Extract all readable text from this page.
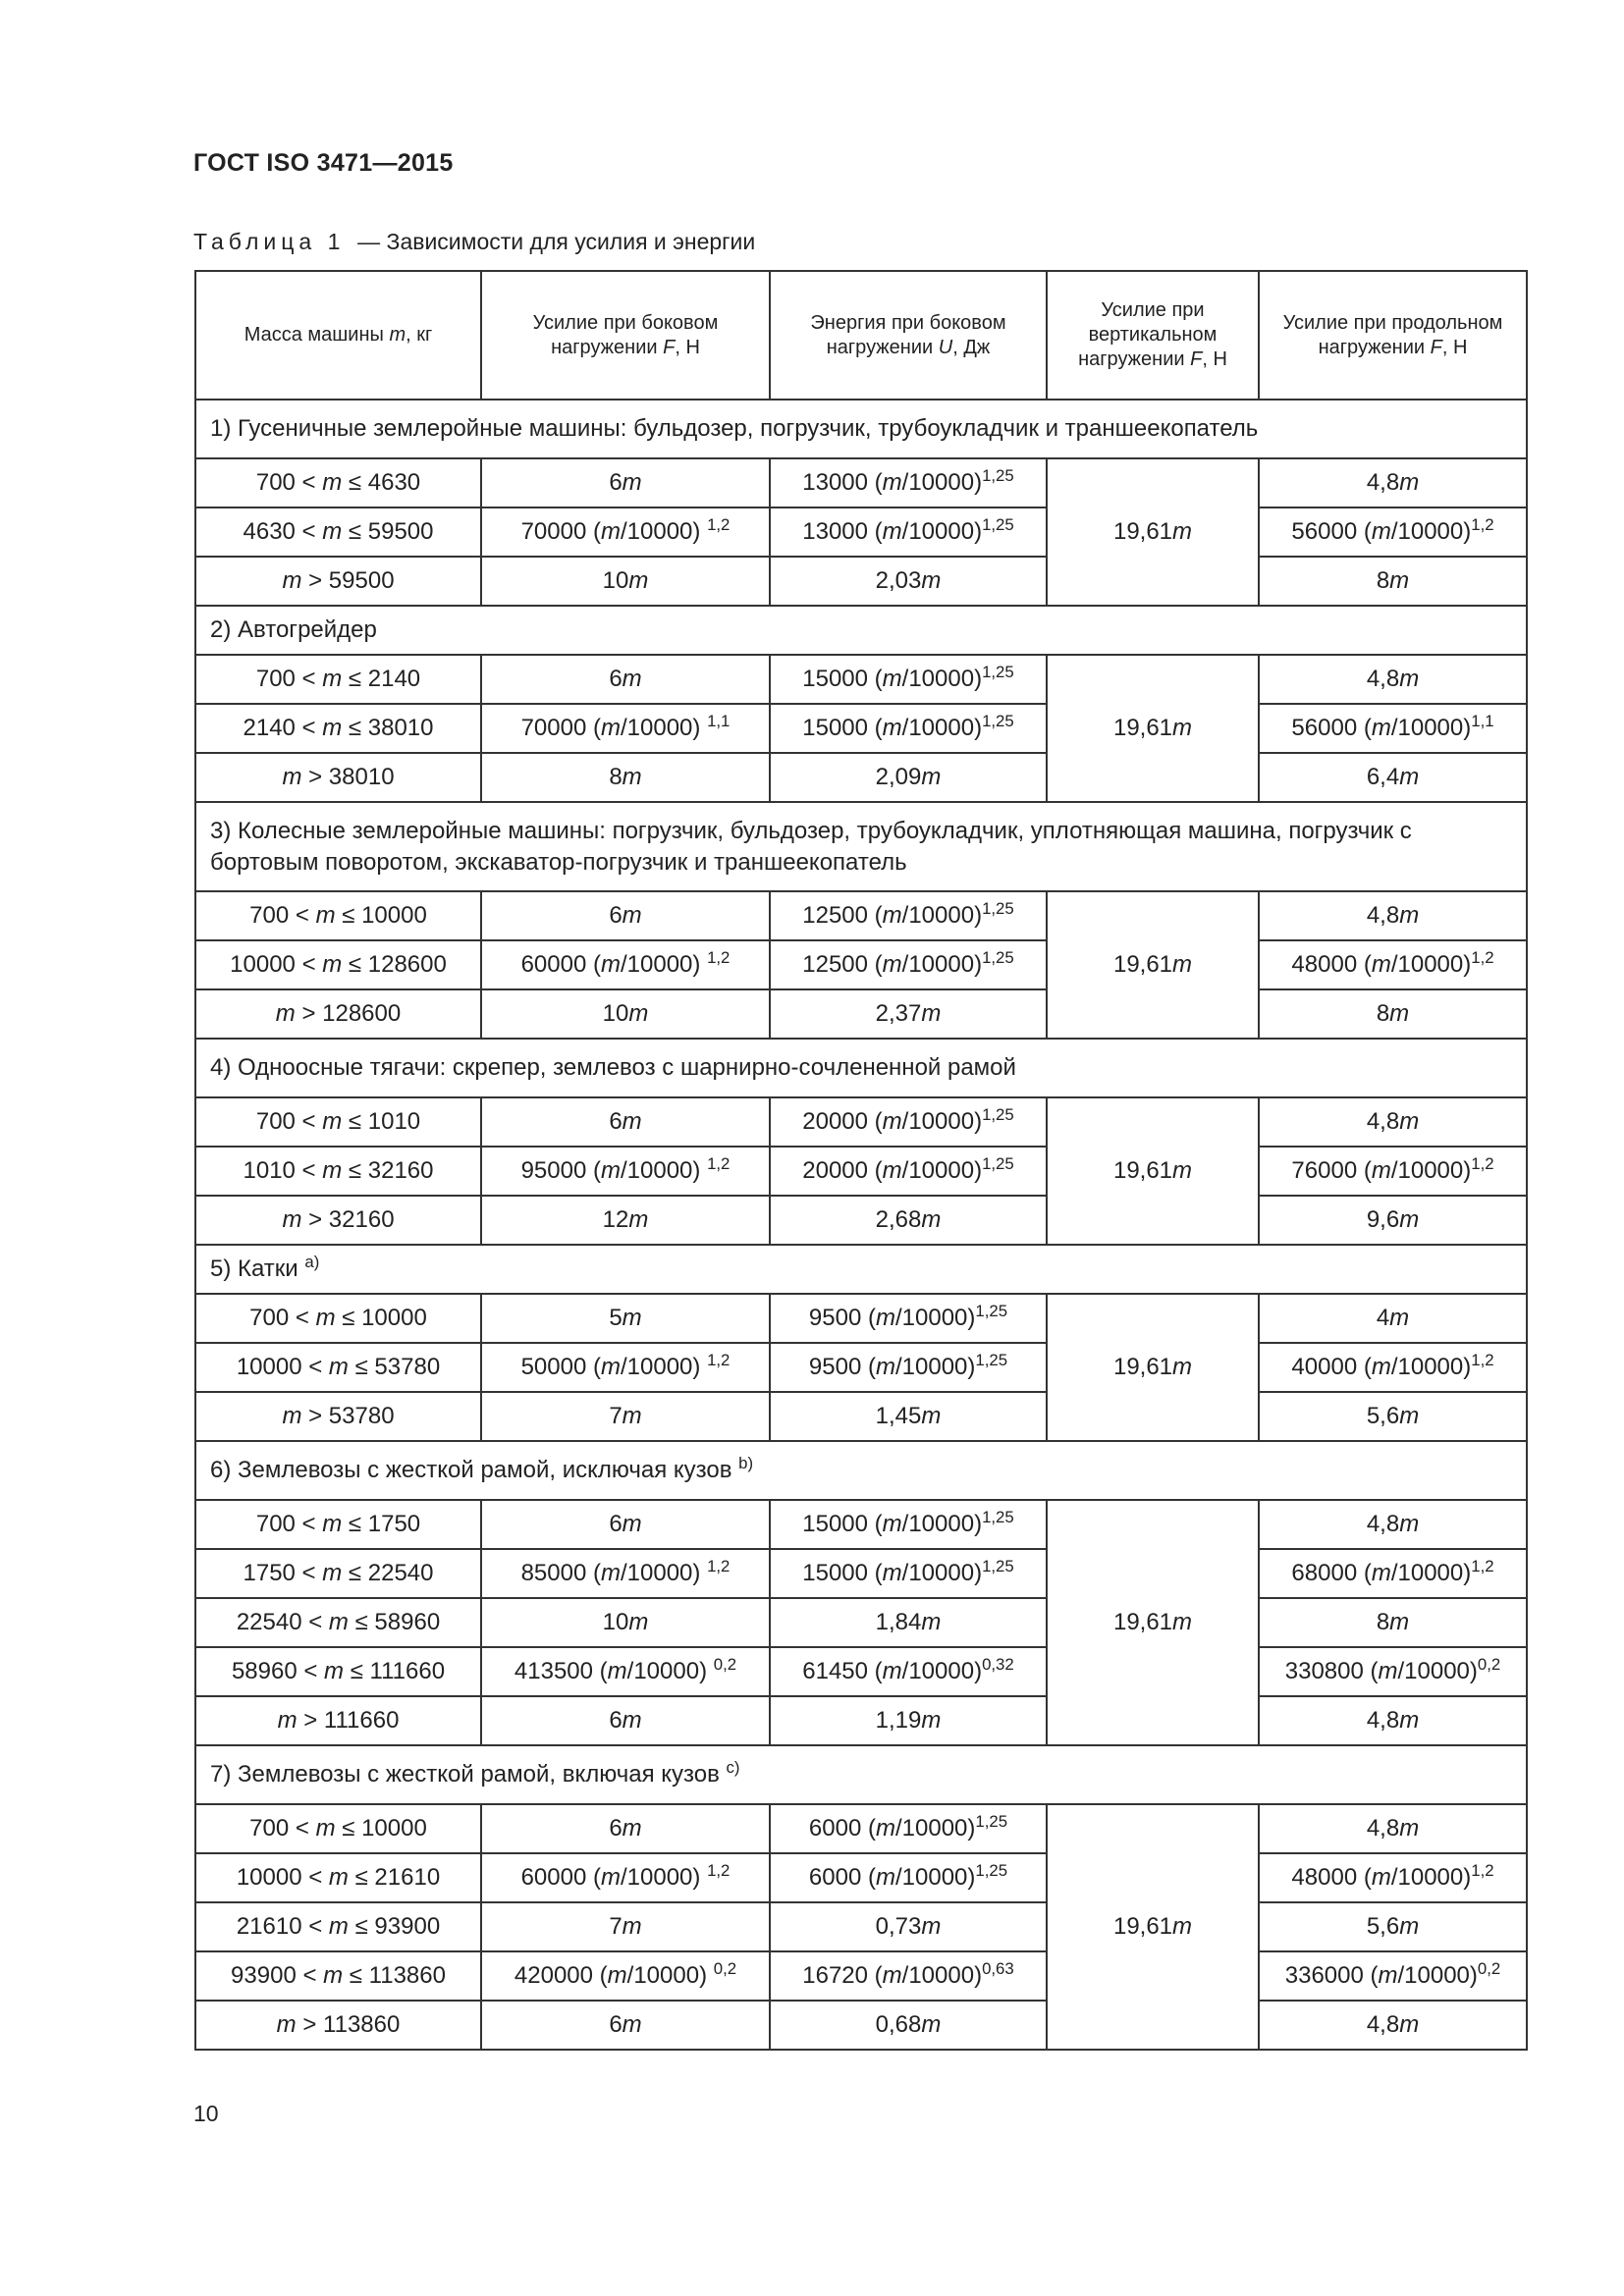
ГОСТ ISO 3471—2015
Таблица 1 — Зависимости для усилия и энергии
Масса машины m, кг	Усилие при боковом нагружении F, Н	Энергия при боковом нагружении U, Дж	Усилие при вертикальном нагружении F, Н	Усилие при продольном нагружении F, Н
1) Гусеничные землеройные машины: бульдозер, погрузчик, трубоукладчик и траншеекопатель				
700 < m ≤ 4630	6m	13000 $(m/10000)^{1,25}$	19,61m	4,8m
4630 < m ≤ 59500	70000 (m/10000) $^{1,2}$	13000 $(m/10000)^{1,25}$		56000 $(m/10000)^{1,2}$
m > 59500	10m	2,03m		8m
2) Автогрейдер				
700 < m ≤ 2140	6m	15000 $(m/10000)^{1,25}$	19,61m	4,8m
2140 < m ≤ 38010	70000 (m/10000) $^{1,1}$	15000 $(m/10000)^{1,25}$		56000 $(m/10000)^{1,1}$
m > 38010	8m	2,09m		6,4m
3) Колесные землеройные машины: погрузчик, бульдозер, трубоукладчик, уплотняющая машина, погрузчик с бортовым поворотом, экскаватор-погрузчик и траншеекопатель				
700 < m ≤ 10000	6m	12500 $(m/10000)^{1,25}$	19,61m	4,8m
10000 < m ≤ 128600	60000 (m/10000) $^{1,2}$	12500 $(m/10000)^{1,25}$		48000 $(m/10000)^{1,2}$
m > 128600	10m	2,37m		8m
4) Одноосные тягачи: скрепер, землевоз с шарнирно-сочлененной рамой				
700 < m ≤ 1010	6m	20000 $(m/10000)^{1,25}$	19,61m	4,8m
1010 < m ≤ 32160	95000 (m/10000) $^{1,2}$	20000 $(m/10000)^{1,25}$		76000 $(m/10000)^{1,2}$
m > 32160	12m	2,68m		9,6m
5) Катки $^{a)}$
700 < m ≤ 10000	5m	9500 $(m/10000)^{1,25}$	19,61m	4m
10000 < m ≤ 53780	50000 (m/10000) $^{1,2}$	9500 $(m/10000)^{1,25}$		40000 $(m/10000)^{1,2}$
m > 53780	7m	1,45m		5,6m
6) Землевозы с жесткой рамой, исключая кузов $^{b)}$
700 < m ≤ 1750	6m	15000 $(m/10000)^{1,25}$	19,61m	4,8m
1750 < m ≤ 22540	85000 (m/10000) $^{1,2}$	15000 $(m/10000)^{1,25}$		68000 $(m/10000)^{1,2}$
22540 < m ≤ 58960	10m	1,84m		8m
58960 < m ≤ 111660	413500 (m/10000) $^{0,2}$	61450 $(m/10000)^{0,32}$		330800 $(m/10000)^{0,2}$
m > 111660	6m	1,19m		4,8m
7) Землевозы с жесткой рамой, включая кузов $^{c)}$
700 < m ≤ 10000	6m	6000 $(m/10000)^{1,25}$	19,61m	4,8m
10000 < m ≤ 21610	60000 (m/10000) $^{1,2}$	6000 $(m/10000)^{1,25}$		48000 $(m/10000)^{1,2}$
21610 < m ≤ 93900	7m	0,73m		5,6m
93900 < m ≤ 113860	420000 (m/10000) $^{0,2}$	16720 $(m/10000)^{0,63}$		336000 $(m/10000)^{0,2}$
m > 113860	6m	0,68m		4,8m
10
